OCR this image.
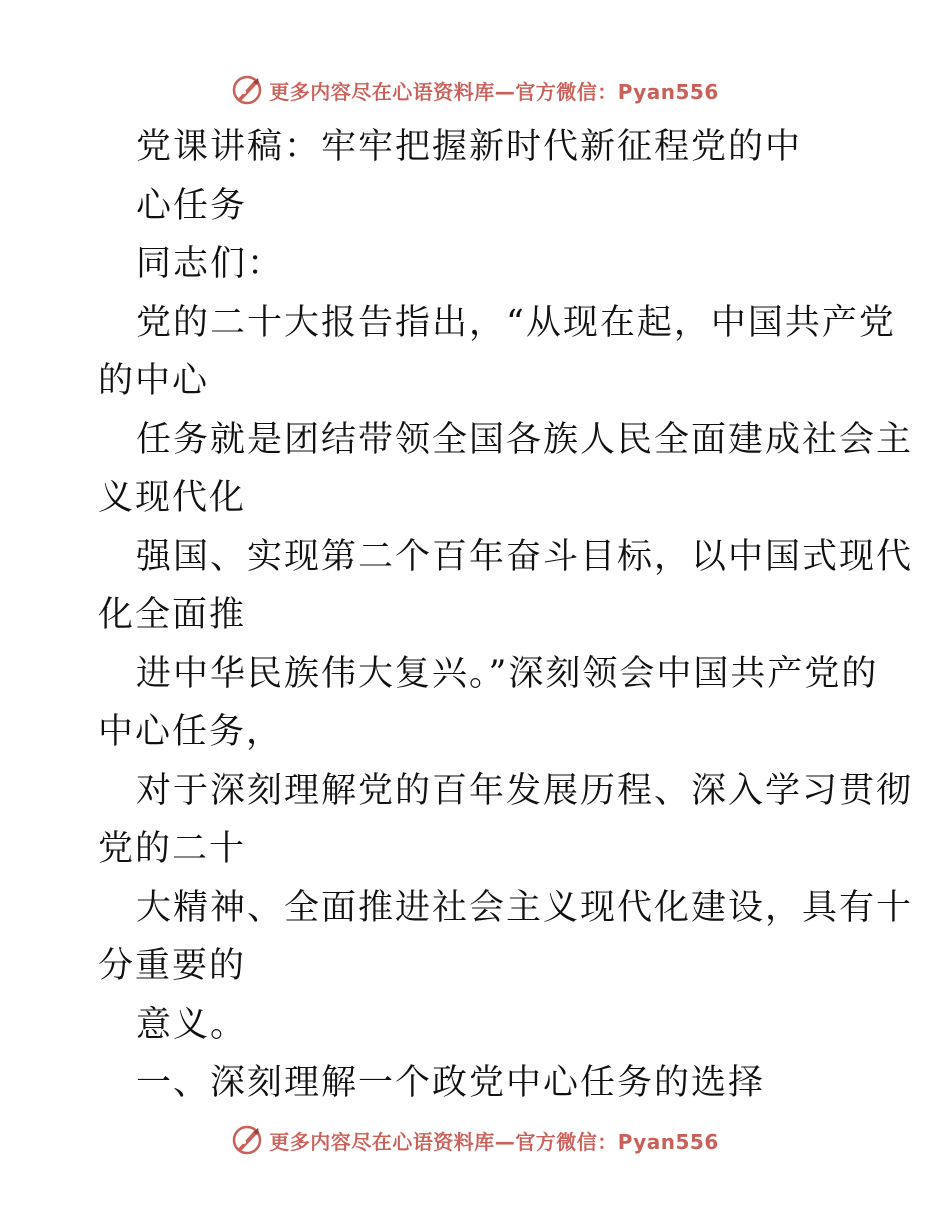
更多内容尽在心语资料库—官方微信：Pyan556
党课讲稿：牢牢把握新时代新征程党的中
心任务
同志们：
党的二十大报告指出，“从现在起，中国共产党
的中心
任务就是团结带领全国各族人民全面建成社会主
义现代化
强国、实现第二个百年奋斗目标，以中国式现代
化全面推
进中华民族伟大复兴。”深刻领会中国共产党的
中心任务，
对于深刻理解党的百年发展历程、深入学习贯彻
党的二十
大精神、全面推进社会主义现代化建设，具有十
分重要的
意义。
一、深刻理解一个政党中心任务的选择
更多内容尽在心语资料库—官方微信：Pyan556
